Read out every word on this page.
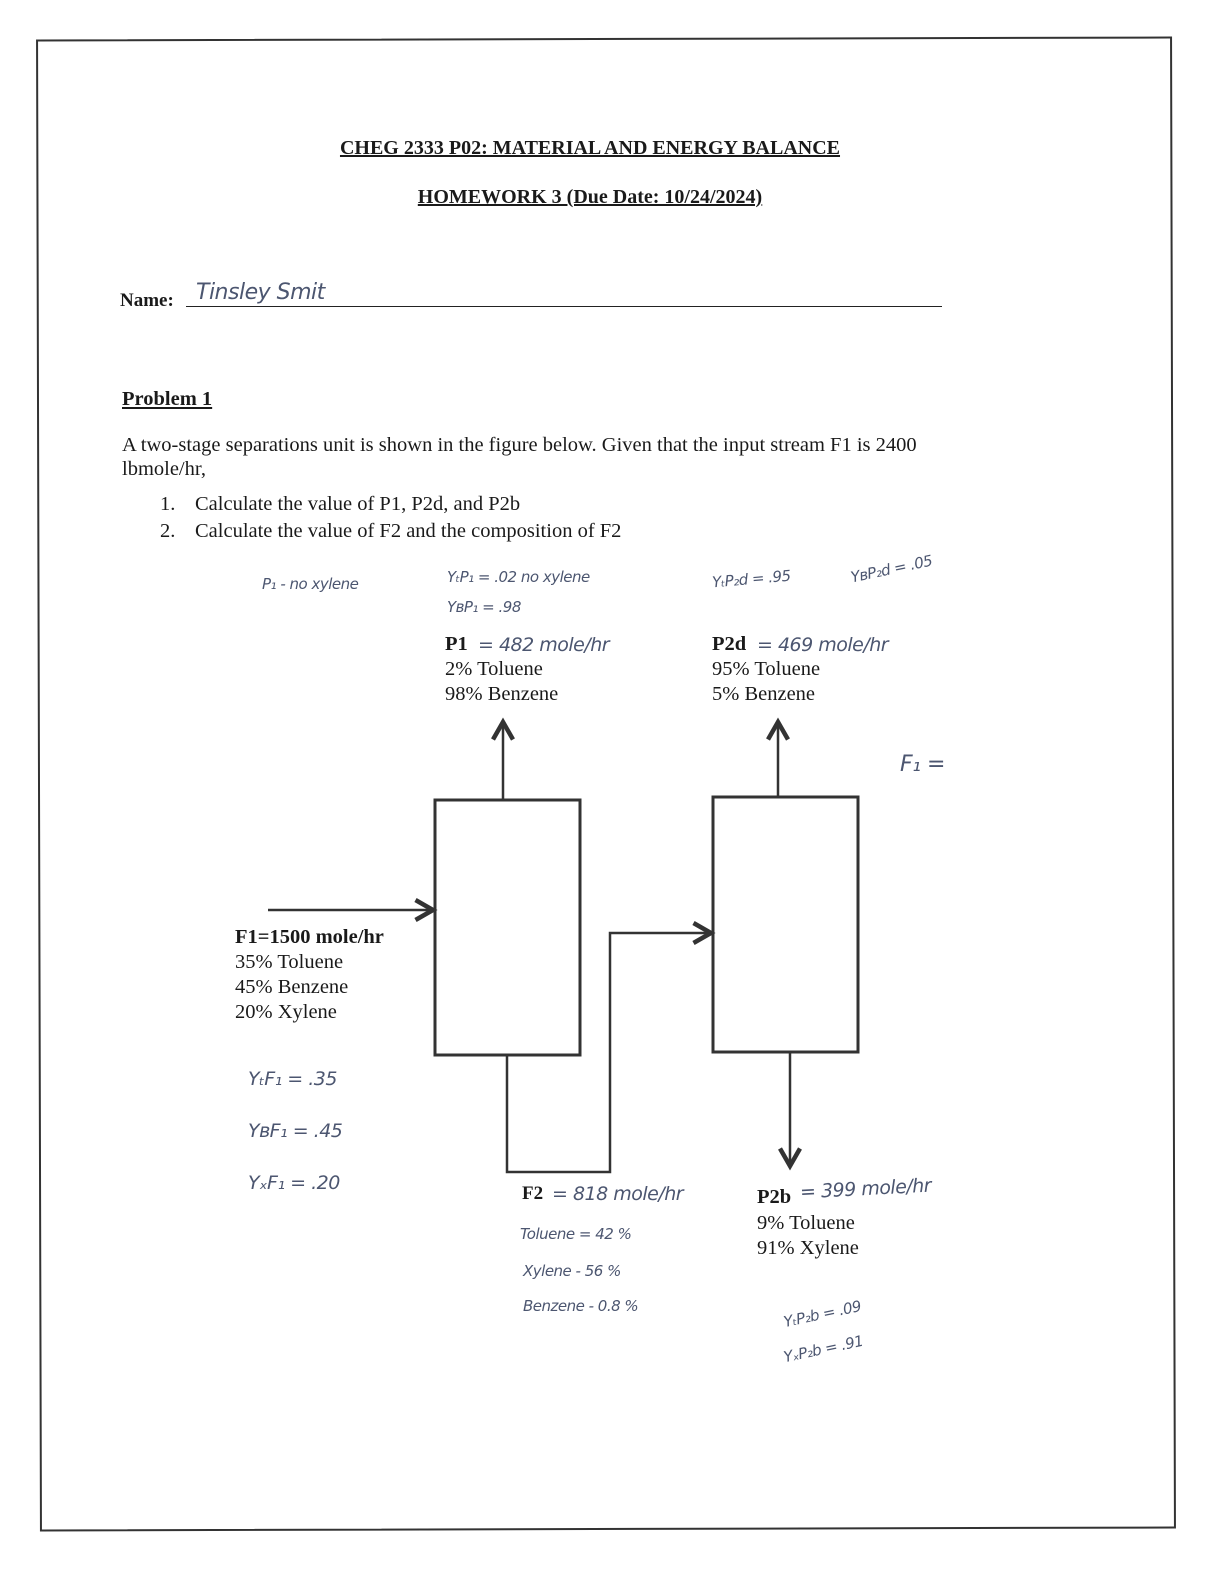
CHEG 2333 P02: MATERIAL AND ENERGY BALANCE
HOMEWORK 3 (Due Date: 10/24/2024)
Name: Tinsley Smit
Problem 1
A two-stage separations unit is shown in the figure below. Given that the input stream F1 is 2400
lbmole/hr,
1. Calculate the value of P1, P2d, and P2b
2. Calculate the value of F2 and the composition of F2
P1 = 482 mole/hr
2% Toluene
98% Benzene
P2d = 469 mole/hr
95% Toluene
5% Benzene
F1=1500 mole/hr
35% Toluene
45% Benzene
20% Xylene
F2 = 818 mole/hr
Toluene = 42 %
Xylene - 56 %
Benzene - 0.8 %
P2b = 399 mole/hr
9% Toluene
91% Xylene
YₜP₂b = .09
YₓP₂b = .91
P₁ - no xylene	YₜP₁ = .02 no xylene
YʙP₁ = .98
YₜP₂d = .95	YʙP₂d = .05
F₁ =
YₜF₁ = .35
YʙF₁ = .45
YₓF₁ = .20
